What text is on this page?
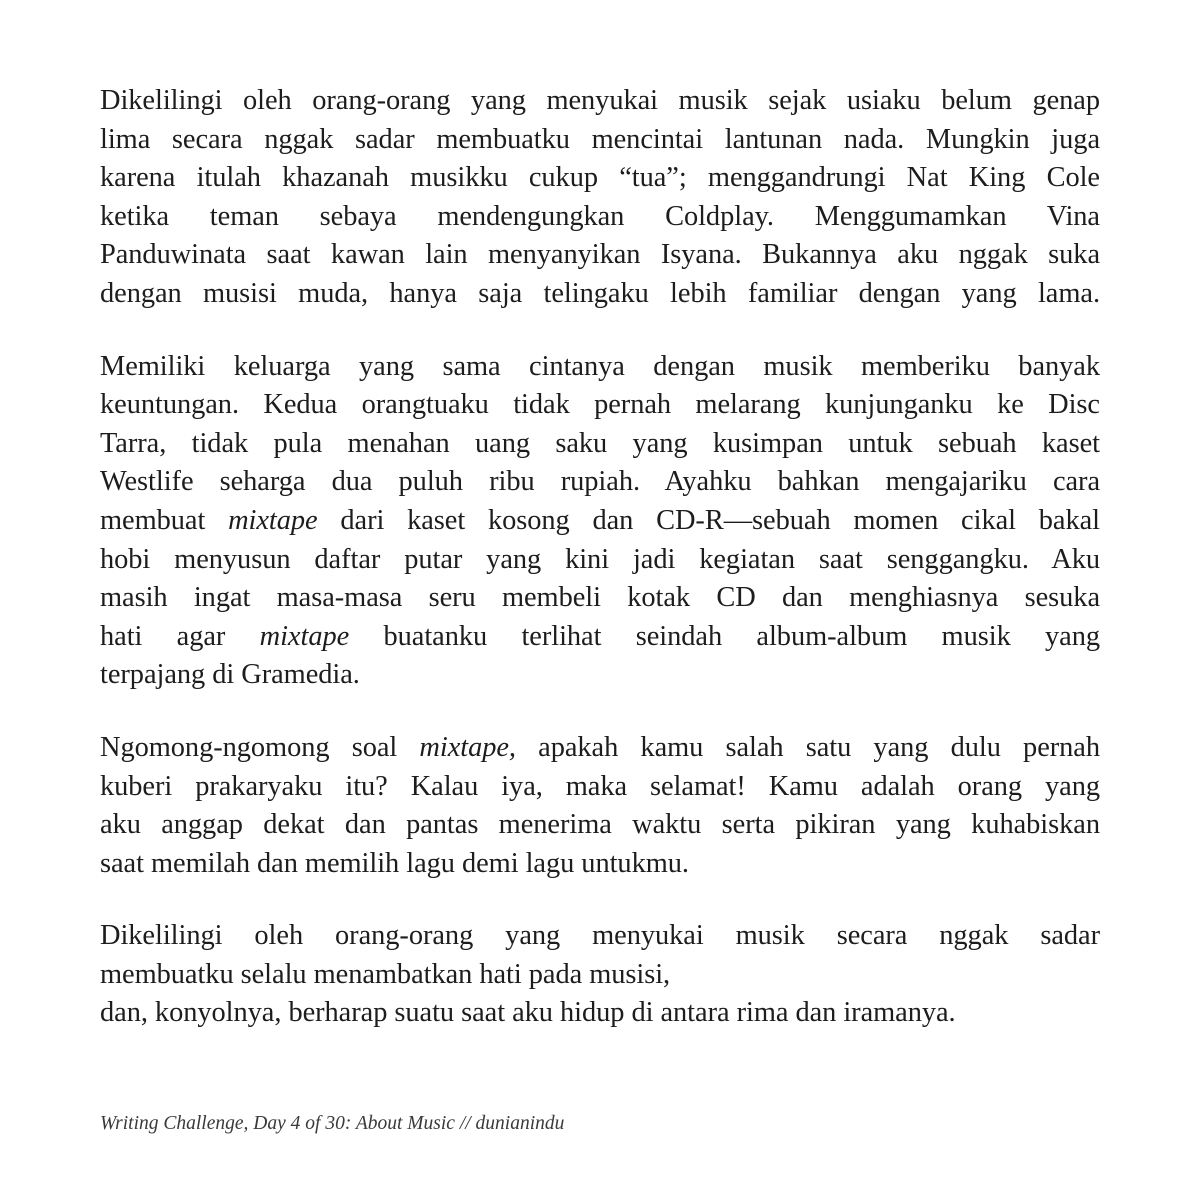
Dikelilingi oleh orang-orang yang menyukai musik sejak usiaku belum genap
lima secara nggak sadar membuatku mencintai lantunan nada. Mungkin juga
karena itulah khazanah musikku cukup “tua”; menggandrungi Nat King Cole
ketika teman sebaya mendengungkan Coldplay. Menggumamkan Vina
Panduwinata saat kawan lain menyanyikan Isyana. Bukannya aku nggak suka
dengan musisi muda, hanya saja telingaku lebih familiar dengan yang lama.
Memiliki keluarga yang sama cintanya dengan musik memberiku banyak
keuntungan. Kedua orangtuaku tidak pernah melarang kunjunganku ke Disc
Tarra, tidak pula menahan uang saku yang kusimpan untuk sebuah kaset
Westlife seharga dua puluh ribu rupiah. Ayahku bahkan mengajariku cara
membuat mixtape dari kaset kosong dan CD-R—sebuah momen cikal bakal
hobi menyusun daftar putar yang kini jadi kegiatan saat senggangku. Aku
masih ingat masa-masa seru membeli kotak CD dan menghiasnya sesuka
hati agar mixtape buatanku terlihat seindah album-album musik yang
terpajang di Gramedia.
Ngomong-ngomong soal mixtape, apakah kamu salah satu yang dulu pernah
kuberi prakaryaku itu? Kalau iya, maka selamat! Kamu adalah orang yang
aku anggap dekat dan pantas menerima waktu serta pikiran yang kuhabiskan
saat memilah dan memilih lagu demi lagu untukmu.
Dikelilingi oleh orang-orang yang menyukai musik secara nggak sadar
membuatku selalu menambatkan hati pada musisi,
dan, konyolnya, berharap suatu saat aku hidup di antara rima dan iramanya.
Writing Challenge, Day 4 of 30: About Music // dunianindu
